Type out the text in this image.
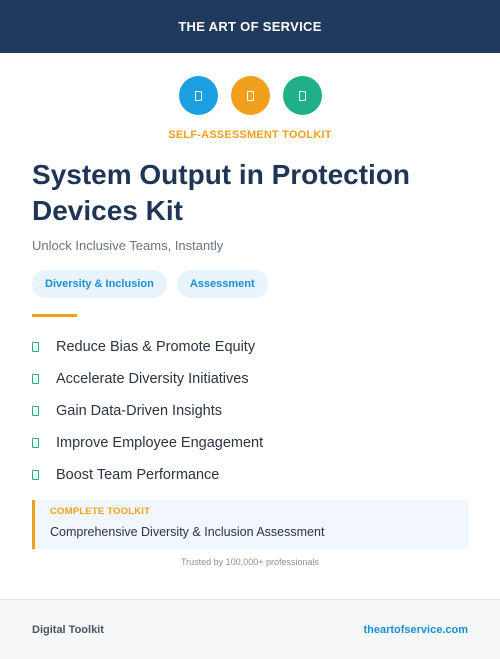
THE ART OF SERVICE
SELF-ASSESSMENT TOOLKIT
System Output in Protection Devices Kit
Unlock Inclusive Teams, Instantly
Diversity & Inclusion	Assessment
Reduce Bias & Promote Equity
Accelerate Diversity Initiatives
Gain Data-Driven Insights
Improve Employee Engagement
Boost Team Performance
COMPLETE TOOLKIT
Comprehensive Diversity & Inclusion Assessment
Trusted by 100,000+ professionals
Digital Toolkit	theartofservice.com
